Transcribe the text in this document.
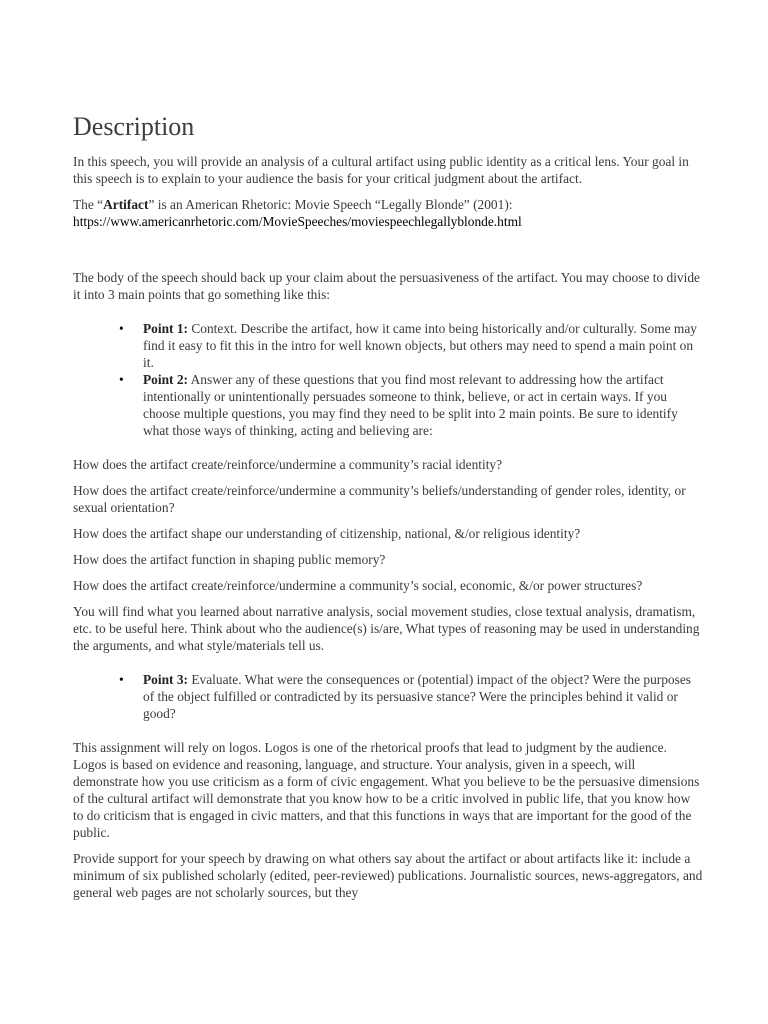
Description

In this speech, you will provide an analysis of a cultural artifact using public identity as a critical lens. Your goal in this speech is to explain to your audience the basis for your critical judgment about the artifact.

The “Artifact” is an American Rhetoric: Movie Speech “Legally Blonde” (2001):
https://www.americanrhetoric.com/MovieSpeeches/moviespeechlegallyblonde.html

The body of the speech should back up your claim about the persuasiveness of the artifact. You may choose to divide it into 3 main points that go something like this:

• Point 1: Context. Describe the artifact, how it came into being historically and/or culturally. Some may find it easy to fit this in the intro for well known objects, but others may need to spend a main point on it.
• Point 2: Answer any of these questions that you find most relevant to addressing how the artifact intentionally or unintentionally persuades someone to think, believe, or act in certain ways. If you choose multiple questions, you may find they need to be split into 2 main points. Be sure to identify what those ways of thinking, acting and believing are:

How does the artifact create/reinforce/undermine a community’s racial identity?

How does the artifact create/reinforce/undermine a community’s beliefs/understanding of gender roles, identity, or sexual orientation?

How does the artifact shape our understanding of citizenship, national, &/or religious identity?

How does the artifact function in shaping public memory?

How does the artifact create/reinforce/undermine a community’s social, economic, &/or power structures?

You will find what you learned about narrative analysis, social movement studies, close textual analysis, dramatism, etc. to be useful here. Think about who the audience(s) is/are, What types of reasoning may be used in understanding the arguments, and what style/materials tell us.

• Point 3: Evaluate. What were the consequences or (potential) impact of the object? Were the purposes of the object fulfilled or contradicted by its persuasive stance? Were the principles behind it valid or good?

This assignment will rely on logos. Logos is one of the rhetorical proofs that lead to judgment by the audience. Logos is based on evidence and reasoning, language, and structure. Your analysis, given in a speech, will demonstrate how you use criticism as a form of civic engagement. What you believe to be the persuasive dimensions of the cultural artifact will demonstrate that you know how to be a critic involved in public life, that you know how to do criticism that is engaged in civic matters, and that this functions in ways that are important for the good of the public.

Provide support for your speech by drawing on what others say about the artifact or about artifacts like it: include a minimum of six published scholarly (edited, peer-reviewed) publications. Journalistic sources, news-aggregators, and general web pages are not scholarly sources, but they
